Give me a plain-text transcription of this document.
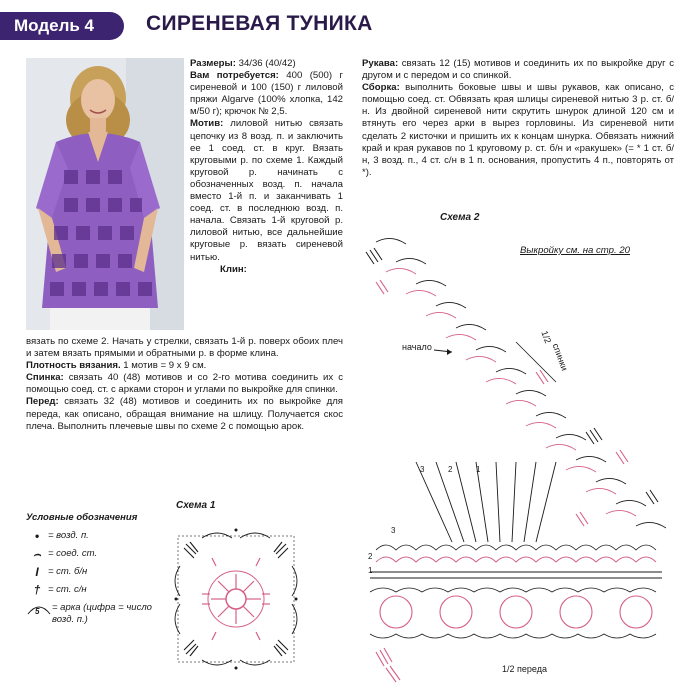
Модель 4	СИРЕНЕВАЯ ТУНИКА

Размеры: 34/36 (40/42)

Вам потребуется: 400 (500) г сиреневой и 100 (150) г лиловой пряжи Algarve (100% хлопка, 142 м/50 г); крючок № 2,5.

Мотив: лиловой нитью связать цепочку из 8 возд. п. и заключить ее 1 соед. ст. в круг. Вязать круговыми р. по схеме 1. Каждый круговой р. начинать с обозначенных возд. п. начала вместо 1-й п. и заканчивать 1 соед. ст. в последнюю возд. п. начала. Связать 1-й круговой р. лиловой нитью, все дальнейшие круговые р. вязать сиреневой нитью.

Клин:

вязать по схеме 2. Начать у стрелки, связать 1-й р. поверх обоих плеч и затем вязать прямыми и обратными р. в форме клина.

Плотность вязания. 1 мотив = 9 х 9 см.

Спинка: связать 40 (48) мотивов и со 2-го мотива соединить их с помощью соед. ст. с арками сторон и углами по выкройке для спинки.

Перед: связать 32 (48) мотивов и соединить их по выкройке для переда, как описано, обращая внимание на шлицу. Получается скос плеча. Выполнить плечевые швы по схеме 2 с помощью арок.

Рукава: связать 12 (15) мотивов и соединить их по выкройке друг с другом и с передом и со спинкой.

Сборка: выполнить боковые швы и швы рукавов, как описано, с помощью соед. ст. Обвязать края шлицы сиреневой нитью 3 р. ст. б/н. Из двойной сиреневой нити скрутить шнурок длиной 120 см и втянуть его через арки в вырез горловины. Из сиреневой нити сделать 2 кисточки и пришить их к концам шнурка. Обвязать нижний край и края рукавов по 1 круговому р. ст. б/н и «ракушек» (= * 1 ст. б/н, 3 возд. п., 4 ст. с/н в 1 п. основания, пропустить 4 п., повторять от *).

Схема 2
Выкройку см. на стр. 20
Схема 1
Условные обозначения
• = возд. п.
⌢ = соед. ст.
I = ст. б/н
† = ст. с/н
5 = арка (цифра = число возд. п.)
начало
1/2
спинки
1/2 переда
3
2
1
3	2	1
